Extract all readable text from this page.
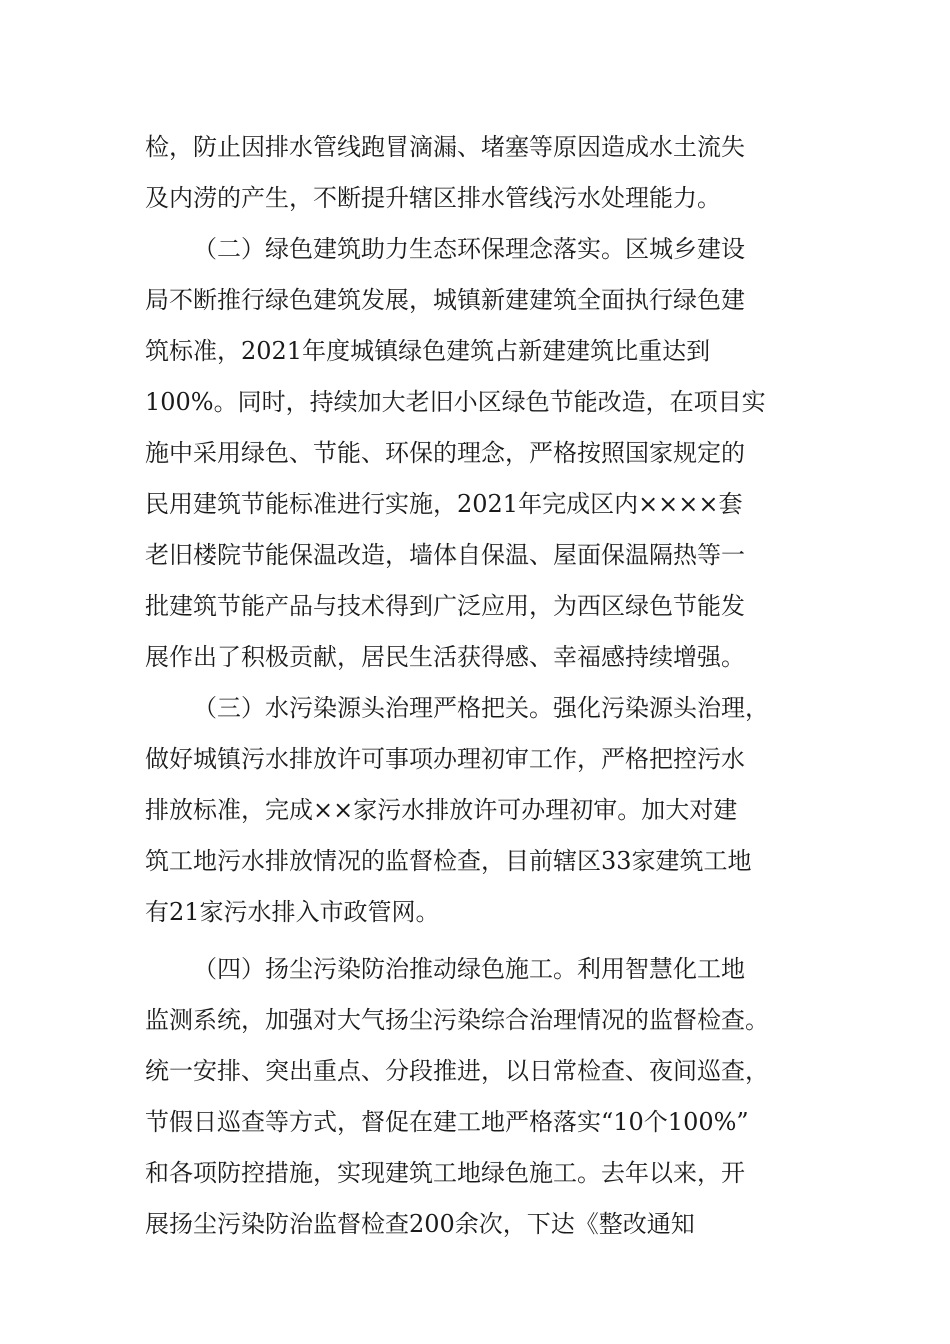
检，防止因排水管线跑冒滴漏、堵塞等原因造成水土流失
及内涝的产生，不断提升辖区排水管线污水处理能力。
（二）绿色建筑助力生态环保理念落实。区城乡建设
局不断推行绿色建筑发展，城镇新建建筑全面执行绿色建
筑标准，2021年度城镇绿色建筑占新建建筑比重达到
100%。同时，持续加大老旧小区绿色节能改造，在项目实
施中采用绿色、节能、环保的理念，严格按照国家规定的
民用建筑节能标准进行实施，2021年完成区内××××套
老旧楼院节能保温改造，墙体自保温、屋面保温隔热等一
批建筑节能产品与技术得到广泛应用，为西区绿色节能发
展作出了积极贡献，居民生活获得感、幸福感持续增强。
（三）水污染源头治理严格把关。强化污染源头治理，
做好城镇污水排放许可事项办理初审工作，严格把控污水
排放标准，完成××家污水排放许可办理初审。加大对建
筑工地污水排放情况的监督检查，目前辖区33家建筑工地
有21家污水排入市政管网。
（四）扬尘污染防治推动绿色施工。利用智慧化工地
监测系统，加强对大气扬尘污染综合治理情况的监督检查。
统一安排、突出重点、分段推进，以日常检查、夜间巡查，
节假日巡查等方式，督促在建工地严格落实“10个100%”
和各项防控措施，实现建筑工地绿色施工。去年以来，开
展扬尘污染防治监督检查200余次，下达《整改通知
